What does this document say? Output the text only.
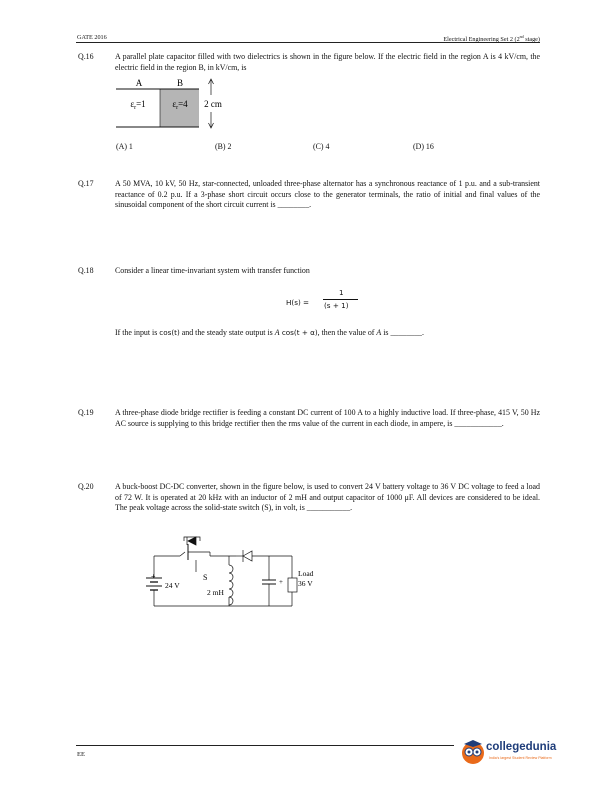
GATE 2016	Electrical Engineering Set 2 (2nd stage)
Q.16	A parallel plate capacitor filled with two dielectrics is shown in the figure below. If the electric field in the region A is 4 kV/cm, the electric field in the region B, in kV/cm, is
A	B
$\varepsilon_r=1$	$\varepsilon_r=4$ 2 cm
(A) 1	(B) 2	(C) 4	(D) 16
Q.17	A 50 MVA, 10 kV, 50 Hz, star-connected, unloaded three-phase alternator has a synchronous reactance of 1 p.u. and a sub-transient reactance of 0.2 p.u. If a 3-phase short circuit occurs close to the generator terminals, the ratio of initial and final values of the sinusoidal component of the short circuit current is ________.
Q.18	Consider a linear time-invariant system with transfer function
H(s) =
1
(s + 1)
If the input is cos(t) and the steady state output is A cos(t + α), then the value of A is ________.
Q.19	A three-phase diode bridge rectifier is feeding a constant DC current of 100 A to a highly inductive load. If three-phase, 415 V, 50 Hz AC source is supplying to this bridge rectifier then the rms value of the current in each diode, in ampere, is ____________.
Q.20	A buck-boost DC-DC converter, shown in the figure below, is used to convert 24 V battery voltage to 36 V DC voltage to feed a load of 72 W. It is operated at 20 kHz with an inductor of 2 mH and output capacitor of 1000 μF. All devices are considered to be ideal. The peak voltage across the solid-state switch (S), in volt, is ___________.
+
24 V
S
2 mH
+
Load
36 V
EE
collegedunia
India's largest Student Review Platform
